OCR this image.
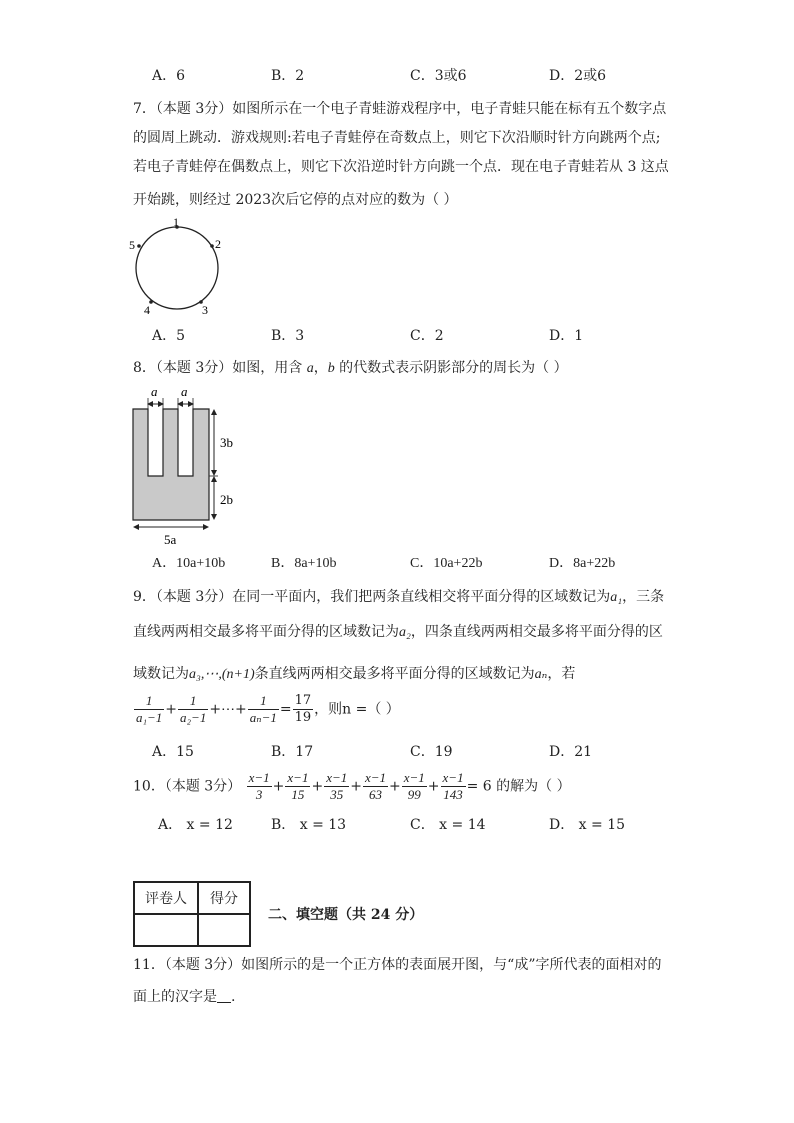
A．6	B．2	C．3或6	D．2或6
7．（本题 3分）如图所示在一个电子青蛙游戏程序中，电子青蛙只能在标有五个数字点
的圆周上跳动．游戏规则:若电子青蛙停在奇数点上，则它下次沿顺时针方向跳两个点;
若电子青蛙停在偶数点上，则它下次沿逆时针方向跳一个点．现在电子青蛙若从 3 这点
开始跳，则经过 2023次后它停的点对应的数为（ ）
1
2
3
4
5
A．5	B．3	C．2	D．1
8．（本题 3分）如图，用含 a，b 的代数式表示阴影部分的周长为（ ）
a a
3b
2b
5a
A．10a+10b	B．8a+10b	C．10a+22b	D．8a+22b
9．（本题 3分）在同一平面内，我们把两条直线相交将平面分得的区域数记为a₁，三条
直线两两相交最多将平面分得的区域数记为a₂，四条直线两两相交最多将平面分得的区
域数记为a₃,⋯,(n+1)条直线两两相交最多将平面分得的区域数记为aₙ，若
$\frac{1}{\text{a₁−1}} + \frac{1}{\text{a₂−1}}$ +⋯+ $\frac{1}{\text{aₙ−1}} = \frac{17}{19}$ ，则n =（ ）
A．15	B．17	C．19	D．21
10．（本题 3分） $\frac{x-1}{3} + \frac{x-1}{15} + \frac{x-1}{35} + \frac{x-1}{63} + \frac{x-1}{99} + \frac{x-1}{143} = 6$ 的解为（ ）
A． x = 12	B． x = 13	C． x = 14	D． x = 15
评卷人	得分

二、填空题（共 24 分）
11．（本题 3分）如图所示的是一个正方体的表面展开图，与“成”字所代表的面相对的
面上的汉字是 .
